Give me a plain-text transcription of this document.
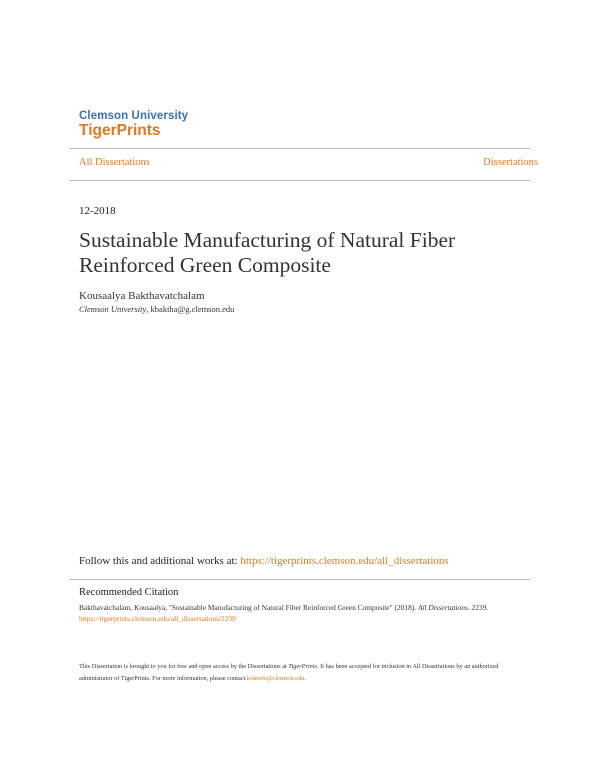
Clemson University
TigerPrints
All Dissertations	Dissertations
12-2018
Sustainable Manufacturing of Natural Fiber
Reinforced Green Composite
Kousaalya Bakthavatchalam
Clemson University, kbaktha@g.clemson.edu
Follow this and additional works at: https://tigerprints.clemson.edu/all_dissertations
Recommended Citation
Bakthavatchalam, Kousaalya, "Sustainable Manufacturing of Natural Fiber Reinforced Green Composite" (2018). All Dissertations. 2239.
https://tigerprints.clemson.edu/all_dissertations/2239
This Dissertation is brought to you for free and open access by the Dissertations at TigerPrints. It has been accepted for inclusion in All Dissertations by an authorized administrator of TigerPrints. For more information, please contact kokeefe@clemson.edu.
